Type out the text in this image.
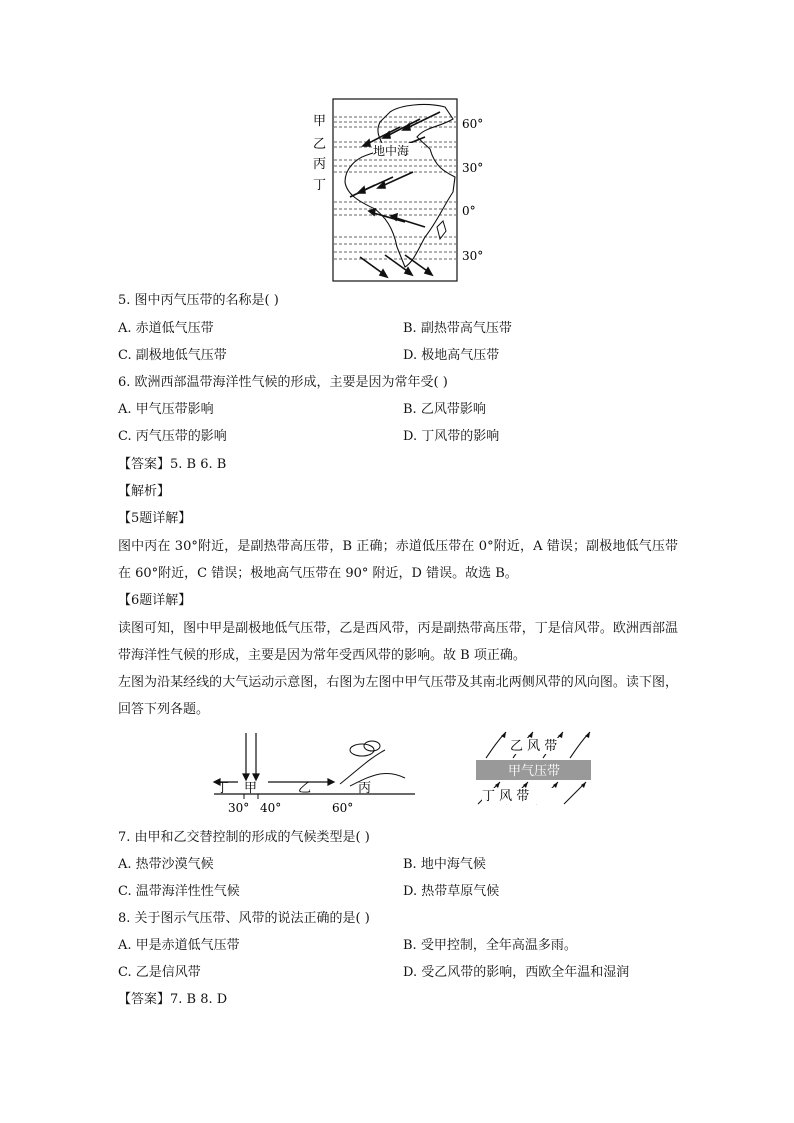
甲
乙
丙
丁
地中海
60°
30°
0°
30°
5. 图中丙气压带的名称是( )
A. 赤道低气压带	B. 副热带高气压带
C. 副极地低气压带	D. 极地高气压带
6. 欧洲西部温带海洋性气候的形成，主要是因为常年受( )
A. 甲气压带影响	B. 乙风带影响
C. 丙气压带的影响	D. 丁风带的影响
【答案】5. B 6. B
【解析】
【5题详解】
图中丙在 30°附近，是副热带高压带，B 正确；赤道低压带在 0°附近，A 错误；副极地低气压带在 60°附近，C 错误；极地高气压带在 90° 附近，D 错误。故选 B。
【6题详解】
读图可知，图中甲是副极地低气压带，乙是西风带，丙是副热带高压带，丁是信风带。欧洲西部温带海洋性气候的形成，主要是因为常年受西风带的影响。故 B 项正确。
左图为沿某经线的大气运动示意图，右图为左图中甲气压带及其南北两侧风带的风向图。读下图，回答下列各题。
丁 甲	乙	丙
30° 40°	60°
乙 风 带
甲气压带
丁 风 带
7. 由甲和乙交替控制的形成的气候类型是( )
A. 热带沙漠气候	B. 地中海气候
C. 温带海洋性性气候	D. 热带草原气候
8. 关于图示气压带、风带的说法正确的是( )
A. 甲是赤道低气压带	B. 受甲控制，全年高温多雨。
C. 乙是信风带	D. 受乙风带的影响，西欧全年温和湿润
【答案】7. B 8. D
